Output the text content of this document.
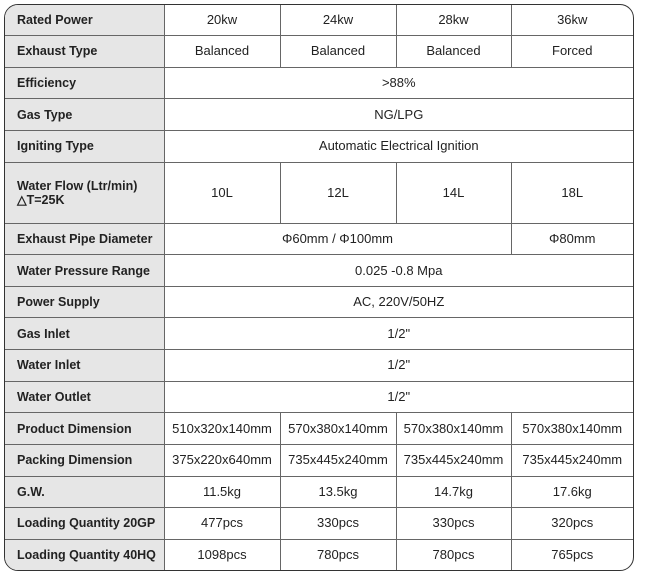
Rated Power	20kw	24kw	28kw	36kw
Exhaust Type	Balanced	Balanced	Balanced	Forced
Efficiency	>88%			
Gas Type	NG/LPG			
Igniting Type	Automatic Electrical Ignition			

Water Flow (Ltr/min)
△T=25K	10L	12L	14L	18L
Exhaust Pipe Diameter	Φ60mm / Φ100mm			Φ80mm
Water Pressure Range	0.025 -0.8 Mpa			
Power Supply	AC, 220V/50HZ			
Gas Inlet	1/2"			
Water Inlet	1/2"			
Water Outlet	1/2"			
Product Dimension	510x320x140mm	570x380x140mm	570x380x140mm	570x380x140mm
Packing Dimension	375x220x640mm	735x445x240mm	735x445x240mm	735x445x240mm
G.W.	11.5kg	13.5kg	14.7kg	17.6kg
Loading Quantity 20GP	477pcs	330pcs	330pcs	320pcs
Loading Quantity 40HQ	1098pcs	780pcs	780pcs	765pcs
